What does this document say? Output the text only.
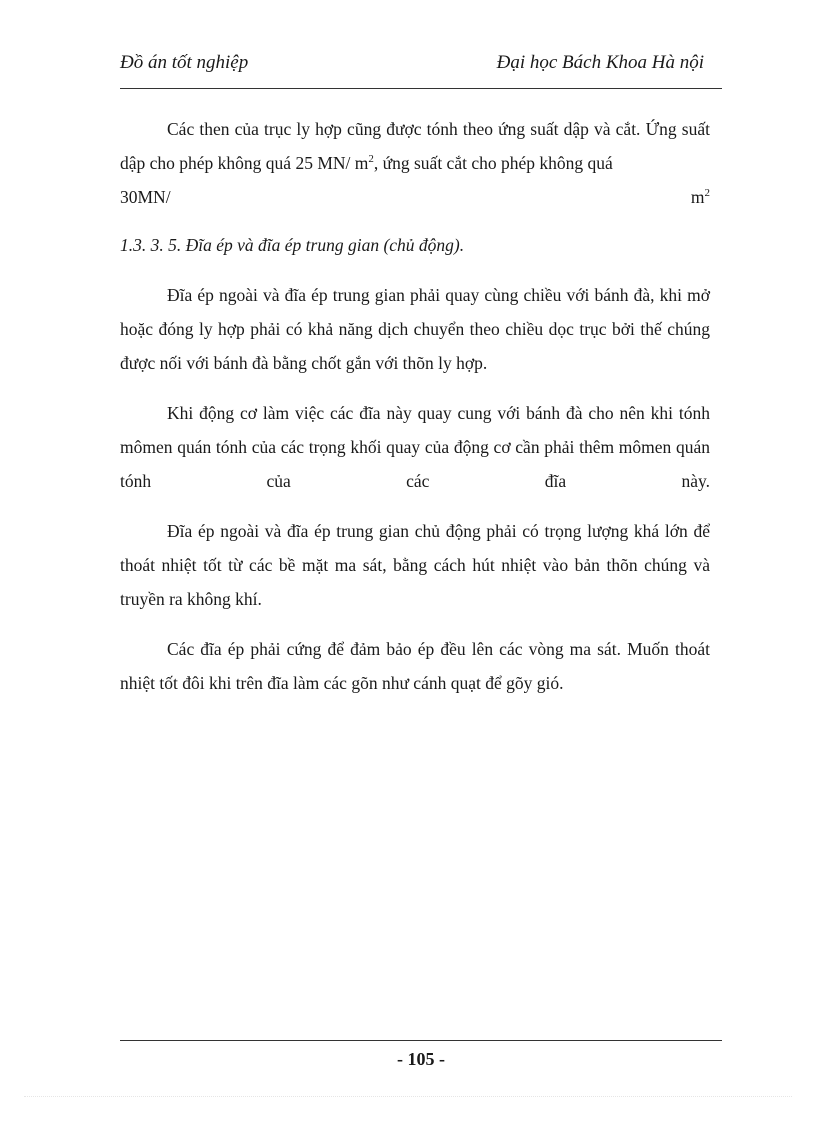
Đồ án tốt nghiệp	Đại học Bách Khoa Hà nội

Các then của trục ly hợp cũng được tónh theo ứng suất dập và cắt. Ứng suất dập cho phép không quá 25 MN/ $m^2$, ứng suất cắt cho phép không quá

30MN/	$m^2$
1.3. 3. 5. Đĩa ép và đĩa ép trung gian (chủ động).

Đĩa ép ngoài và đĩa ép trung gian phải quay cùng chiều với bánh đà, khi mở hoặc đóng ly hợp phải có khả năng dịch chuyển theo chiều dọc trục bởi thế chúng được nối với bánh đà bằng chốt gắn với thõn ly hợp.

Khi động cơ làm việc các đĩa này quay cung với bánh đà cho nên khi tónh mômen quán tónh của các trọng khối quay của động cơ cần phải thêm mômen quán tónh của các đĩa này.

Đĩa ép ngoài và đĩa ép trung gian chủ động phải có trọng lượng khá lớn để thoát nhiệt tốt từ các bề mặt ma sát, bằng cách hút nhiệt vào bản thõn chúng và truyền ra không khí.

Các đĩa ép phải cứng để đảm bảo ép đều lên các vòng ma sát. Muốn thoát nhiệt tốt đôi khi trên đĩa làm các gõn như cánh quạt để gõy gió.

- 105 -
